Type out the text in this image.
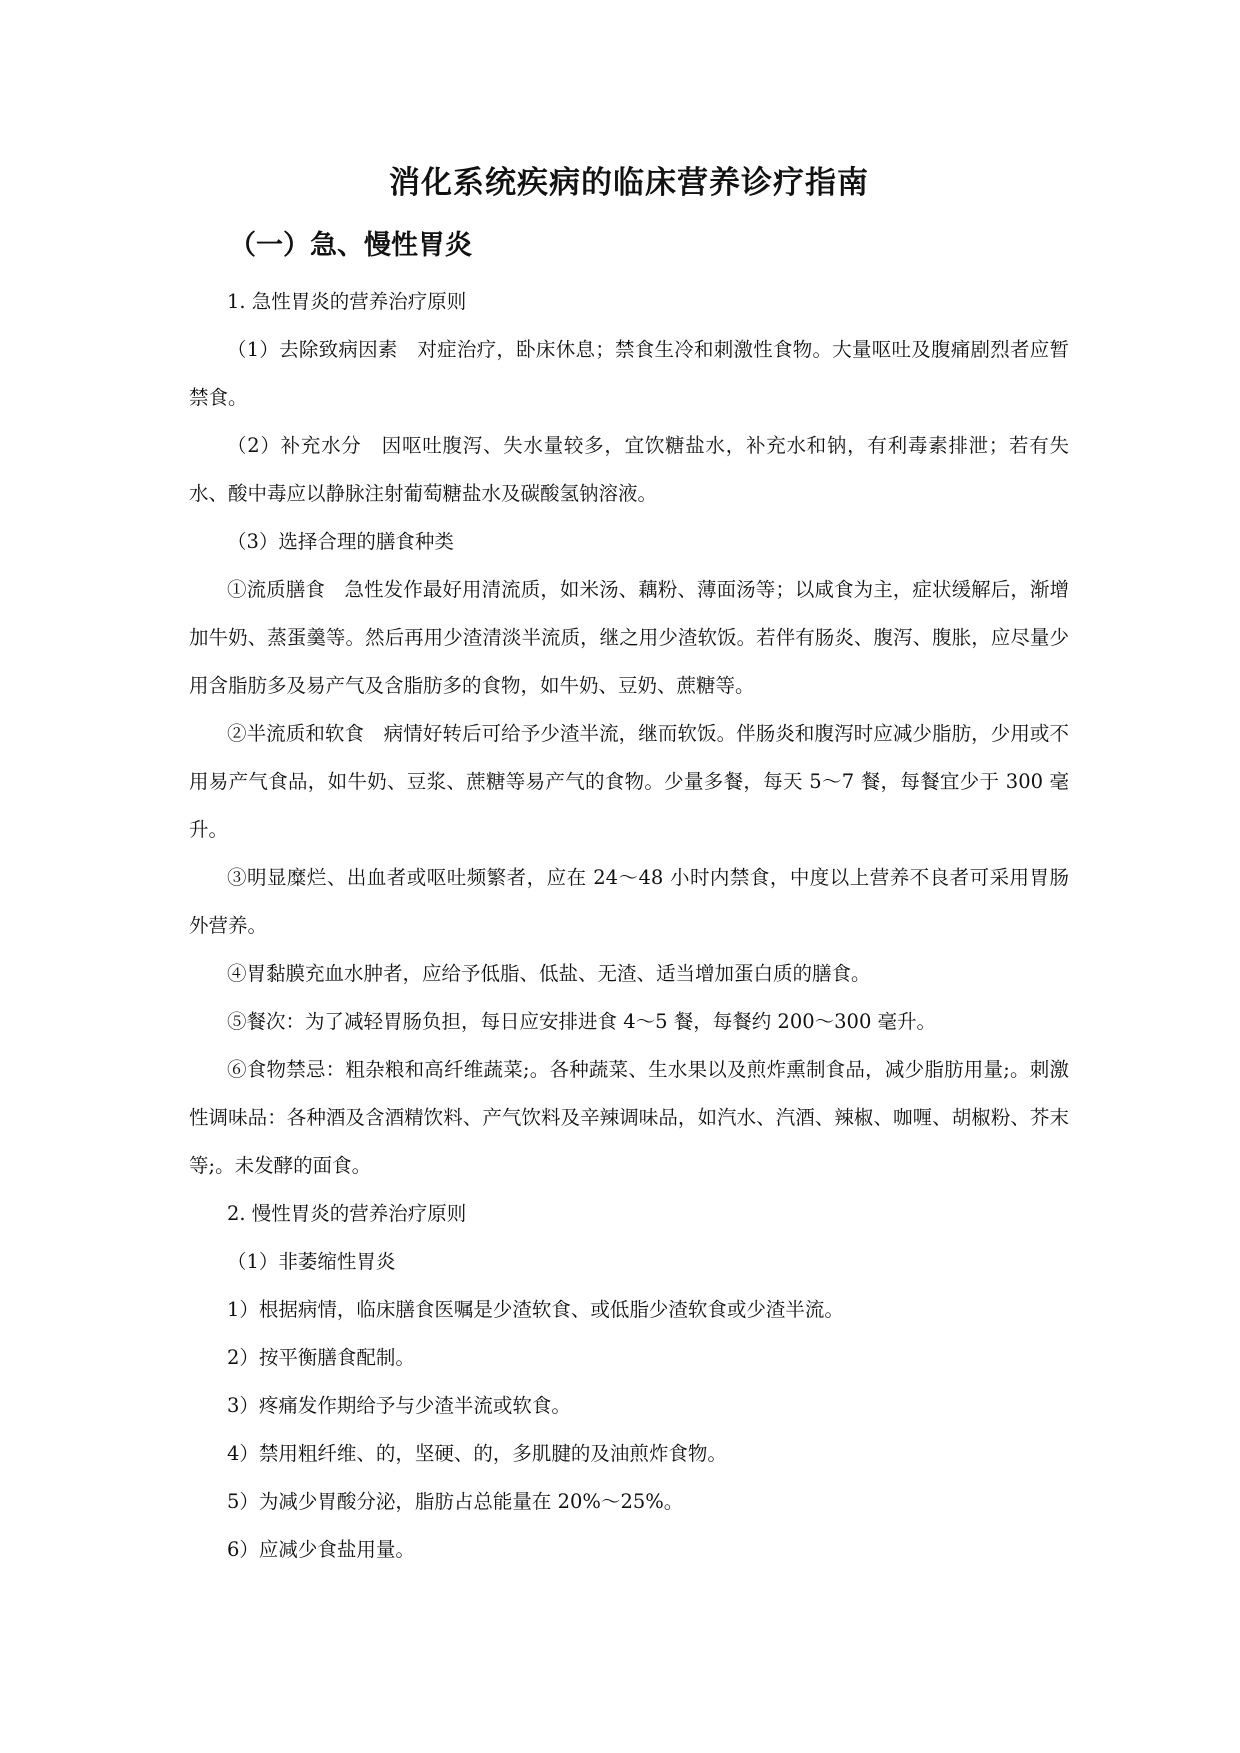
消化系统疾病的临床营养诊疗指南
（一）急、慢性胃炎

1. 急性胃炎的营养治疗原则

（1）去除致病因素　对症治疗，卧床休息；禁食生冷和刺激性食物。大量呕吐及腹痛剧烈者应暂禁食。

（2）补充水分　因呕吐腹泻、失水量较多，宜饮糖盐水，补充水和钠，有利毒素排泄；若有失水、酸中毒应以静脉注射葡萄糖盐水及碳酸氢钠溶液。

（3）选择合理的膳食种类

①流质膳食　急性发作最好用清流质，如米汤、藕粉、薄面汤等；以咸食为主，症状缓解后，渐增加牛奶、蒸蛋羹等。然后再用少渣清淡半流质，继之用少渣软饭。若伴有肠炎、腹泻、腹胀，应尽量少用含脂肪多及易产气及含脂肪多的食物，如牛奶、豆奶、蔗糖等。

②半流质和软食　病情好转后可给予少渣半流，继而软饭。伴肠炎和腹泻时应减少脂肪，少用或不用易产气食品，如牛奶、豆浆、蔗糖等易产气的食物。少量多餐，每天 5～7 餐，每餐宜少于 300 毫升。

③明显糜烂、出血者或呕吐频繁者，应在 24～48 小时内禁食，中度以上营养不良者可采用胃肠外营养。

④胃黏膜充血水肿者，应给予低脂、低盐、无渣、适当增加蛋白质的膳食。

⑤餐次：为了减轻胃肠负担，每日应安排进食 4～5 餐，每餐约 200～300 毫升。

⑥食物禁忌：粗杂粮和高纤维蔬菜;。各种蔬菜、生水果以及煎炸熏制食品，减少脂肪用量;。刺激性调味品：各种酒及含酒精饮料、产气饮料及辛辣调味品，如汽水、汽酒、辣椒、咖喱、胡椒粉、芥末等;。未发酵的面食。

2. 慢性胃炎的营养治疗原则

（1）非萎缩性胃炎

1）根据病情，临床膳食医嘱是少渣软食、或低脂少渣软食或少渣半流。

2）按平衡膳食配制。

3）疼痛发作期给予与少渣半流或软食。

4）禁用粗纤维、的，坚硬、的，多肌腱的及油煎炸食物。

5）为减少胃酸分泌，脂肪占总能量在 20%～25%。

6）应减少食盐用量。
